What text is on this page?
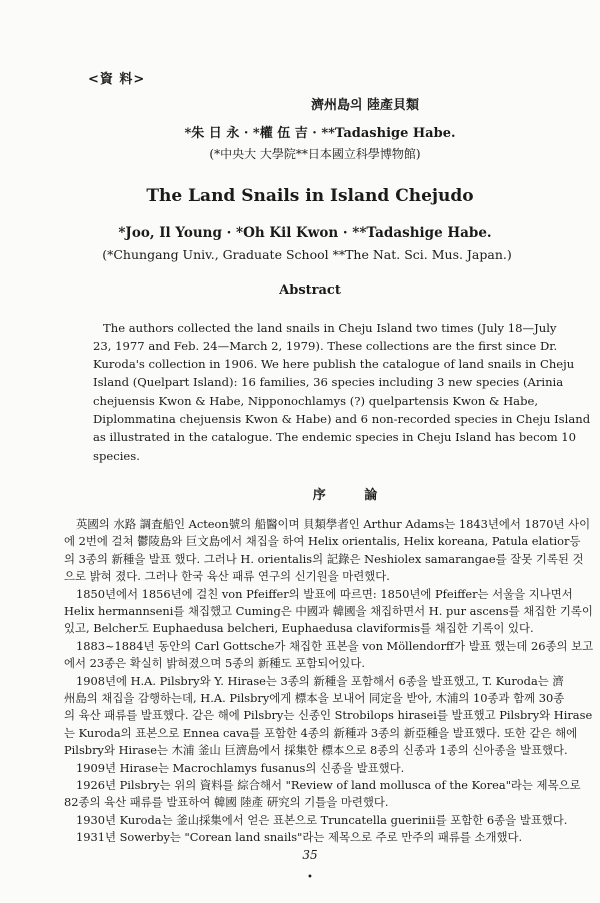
<資 料>
濟州島의 陸產貝類
*朱 日 永 · *權 伍 吉 · **Tadashige Habe.
(*中央大 大學院**日本國立科學博物館)
The Land Snails in Island Chejudo
*Joo, Il Young · *Oh Kil Kwon · **Tadashige Habe.
(*Chungang Univ., Graduate School **The Nat. Sci. Mus. Japan.)
Abstract
The authors collected the land snails in Cheju Island two times (July 18—July
23, 1977 and Feb. 24—March 2, 1979). These collections are the first since Dr.
Kuroda's collection in 1906. We here publish the catalogue of land snails in Cheju
Island (Quelpart Island): 16 families, 36 species including 3 new species (Arinia
chejuensis Kwon & Habe, Nipponochlamys (?) quelpartensis Kwon & Habe,
Diplommatina chejuensis Kwon & Habe) and 6 non-recorded species in Cheju Island
as illustrated in the catalogue. The endemic species in Cheju Island has becom 10
species.
序 論
英國의 水路 調査船인 Acteon號의 船醫이며 貝類學者인 Arthur Adams는 1843년에서 1870년 사이
에 2번에 걸쳐 鬱陵島와 巨文島에서 채집을 하여 Helix orientalis, Helix koreana, Patula elatior등
의 3종의 新種을 발표 했다. 그러나 H. orientalis의 記錄은 Neshiolex samarangae를 잘못 기록된 것
으로 밝혀 졌다. 그러나 한국 육산 패류 연구의 신기원을 마련했다.
1850년에서 1856년에 걸친 von Pfeiffer의 발표에 따르면: 1850년에 Pfeiffer는 서울을 지나면서
Helix hermannseni를 채집했고 Cuming은 中國과 韓國을 채집하면서 H. pur ascens를 채집한 기록이
있고, Belcher도 Euphaedusa belcheri, Euphaedusa claviformis를 채집한 기록이 있다.
1883~1884년 동안의 Carl Gottsche가 채집한 표본을 von Möllendorff가 발표 했는데 26종의 보고
에서 23종은 확실히 밝혀졌으며 5종의 新種도 포함되어있다.
1908년에 H.A. Pilsbry와 Y. Hirase는 3종의 新種을 포함해서 6종을 발표했고, T. Kuroda는 濟
州島의 채집을 감행하는데, H.A. Pilsbry에게 標本을 보내어 同定을 받아, 木浦의 10종과 함께 30종
의 육산 패류를 발표했다. 같은 해에 Pilsbry는 신종인 Strobilops hirasei를 발표했고 Pilsbry와 Hirase
는 Kuroda의 표본으로 Ennea cava를 포함한 4종의 新種과 3종의 新亞種을 발표했다. 또한 같은 해에
Pilsbry와 Hirase는 木浦 釜山 巨濟島에서 採集한 標本으로 8종의 신종과 1종의 신아종을 발표했다.
1909년 Hirase는 Macrochlamys fusanus의 신종을 발표했다.
1926년 Pilsbry는 위의 資料를 綜合해서 "Review of land mollusca of the Korea"라는 제목으로
82종의 육산 패류를 발표하여 韓國 陸產 硏究의 기틀을 마련했다.
35
•
1930년 Kuroda는 釜山採集에서 얻은 표본으로 Truncatella guerinii를 포함한 6종을 발표했다.
1931년 Sowerby는 "Corean land snails"라는 제목으로 주로 만주의 패류를 소개했다.
